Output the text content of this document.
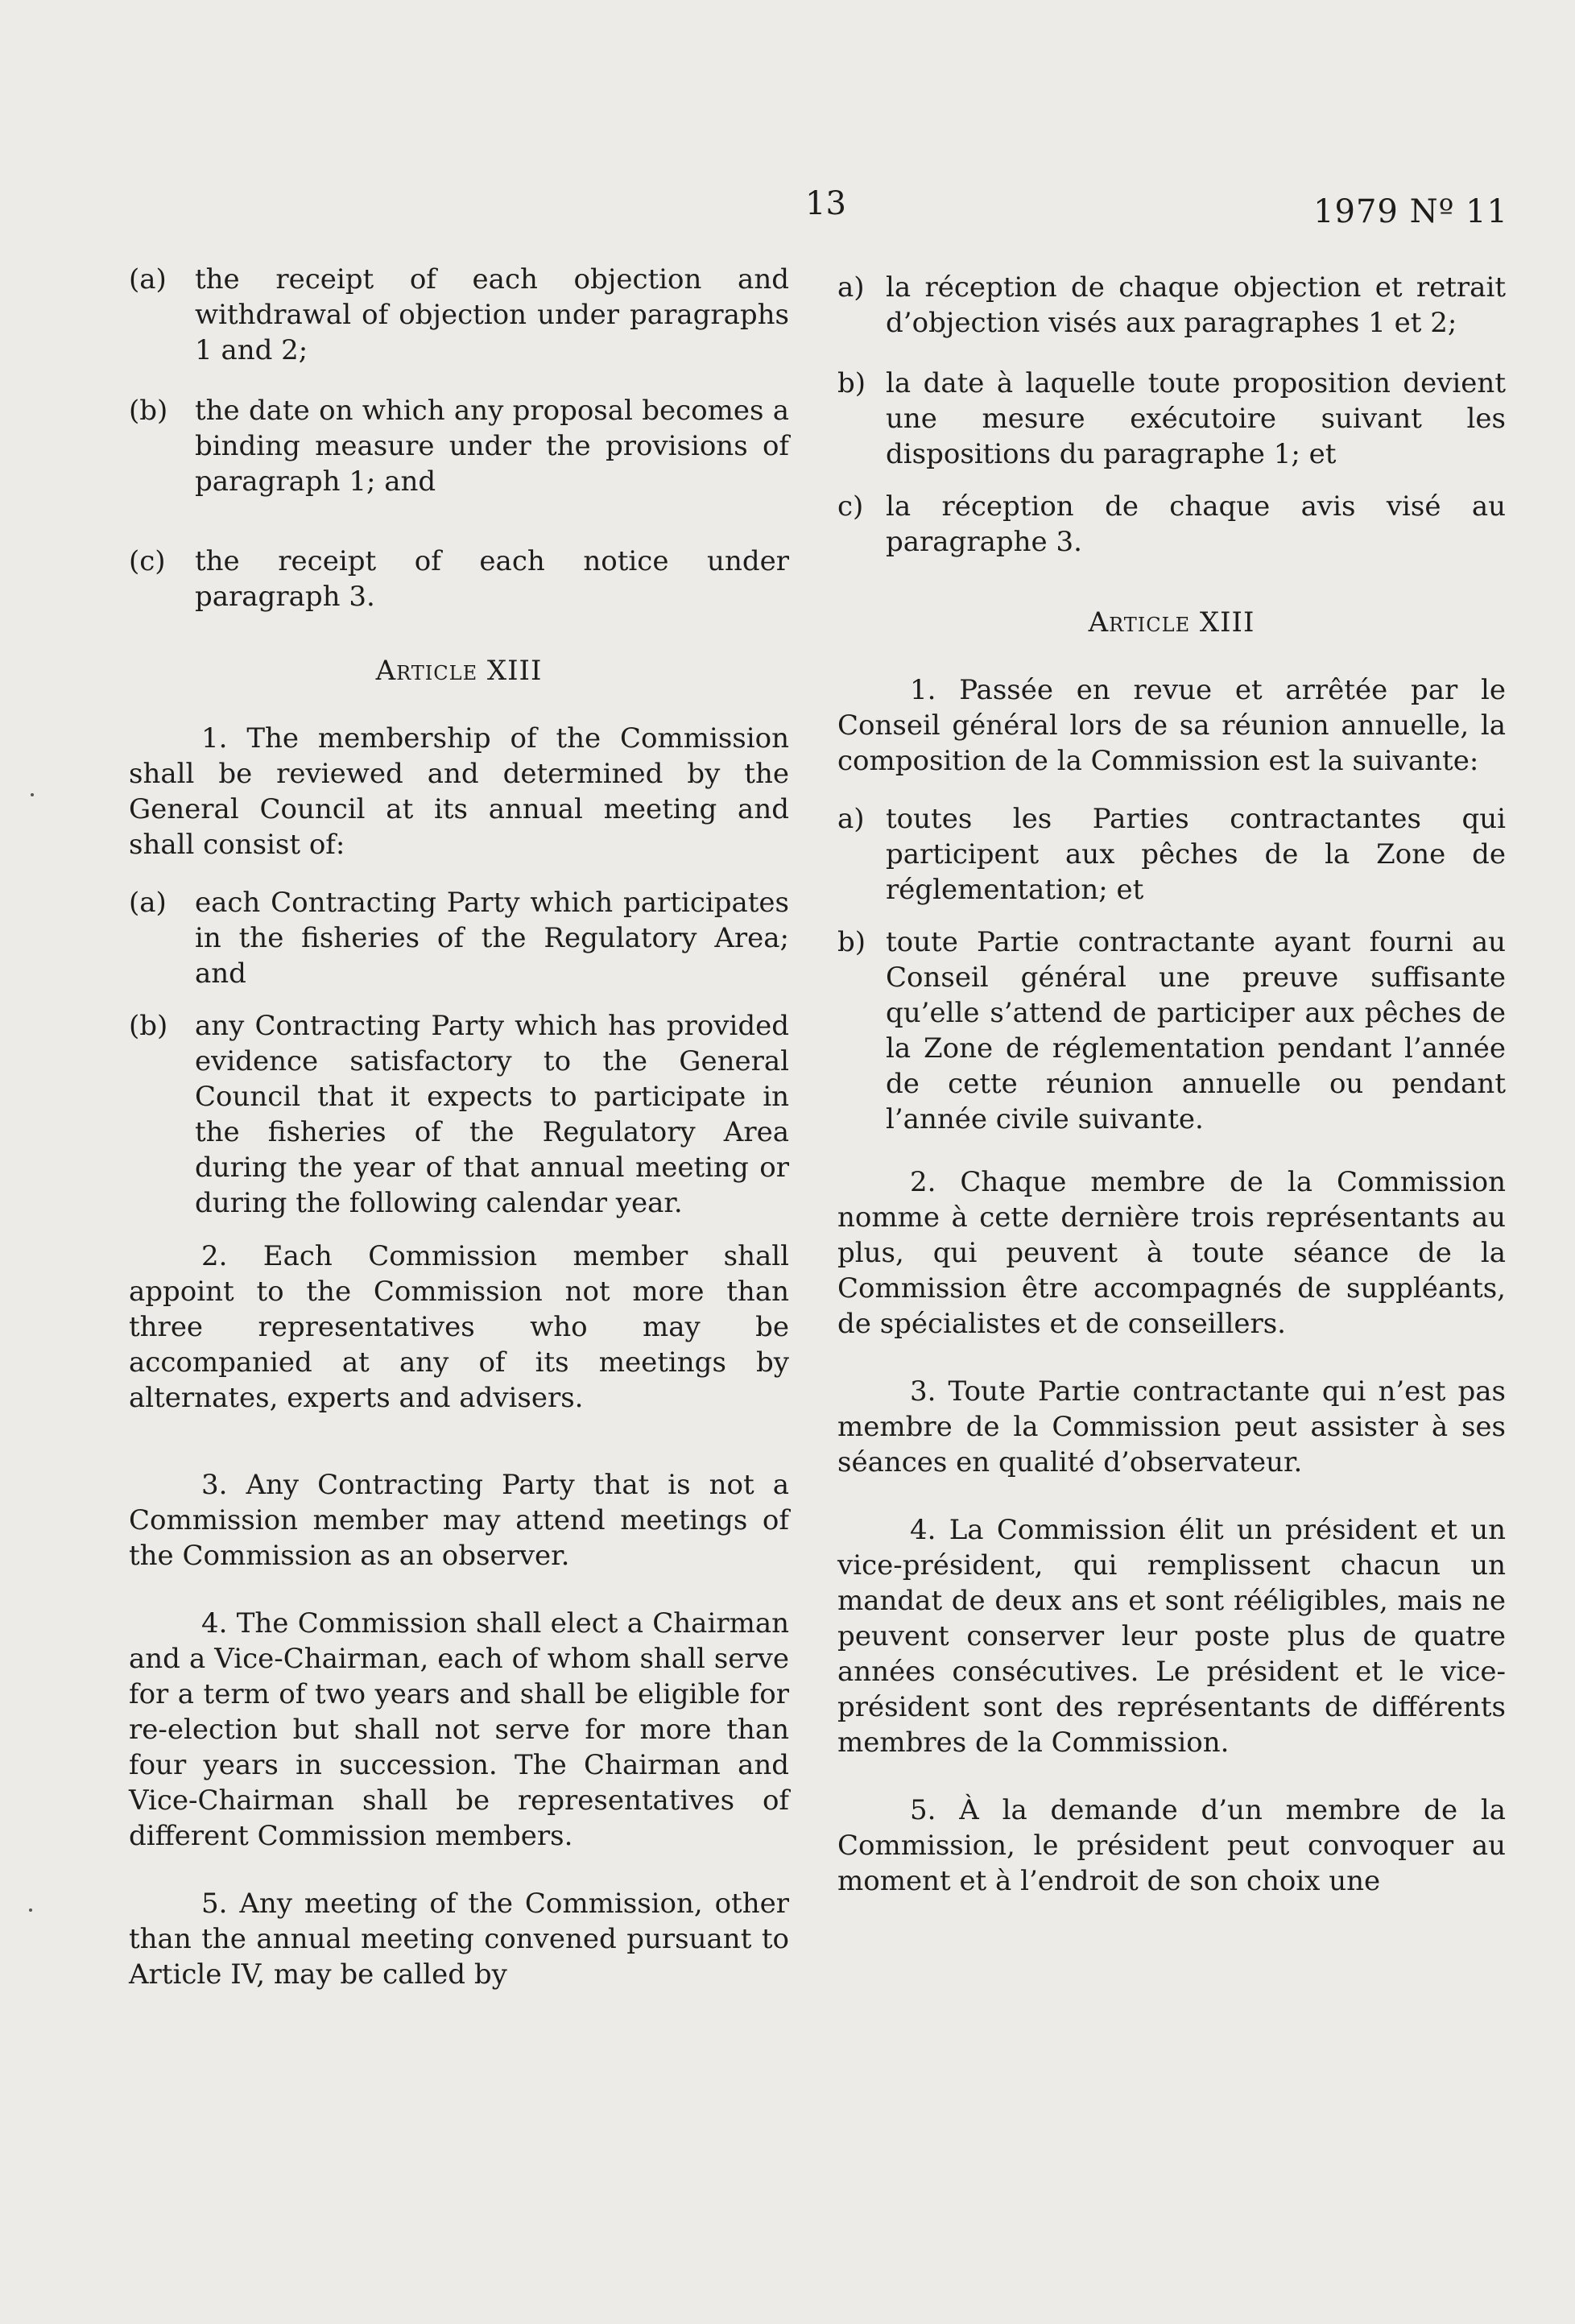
13	1979 Nº 11
(a)	the receipt of each objection and withdrawal of objection under paragraphs 1 and 2;
(b) the date on which any proposal becomes a binding measure under the provisions of paragraph 1; and
(c)	the receipt of each notice under paragraph 3.
Article XIII
1. The membership of the Commission shall be reviewed and determined by the General Council at its annual meeting and shall consist of:
(a)	each Contracting Party which participates in the fisheries of the Regulatory Area; and
(b) any Contracting Party which has provided evidence satisfactory to the General Council that it expects to participate in the fisheries of the Regulatory Area during the year of that annual meeting or during the following calendar year.
2. Each Commission member shall appoint to the Commission not more than three representatives who may be accompanied at any of its meetings by alternates, experts and advisers.
3. Any Contracting Party that is not a Commission member may attend meetings of the Commission as an observer.
4. The Commission shall elect a Chairman and a Vice-Chairman, each of whom shall serve for a term of two years and shall be eligible for re-election but shall not serve for more than four years in succession. The Chairman and Vice-Chairman shall be representatives of different Commission members.
5. Any meeting of the Commission, other than the annual meeting convened pursuant to Article IV, may be called by
a) la réception de chaque objection et retrait d’objection visés aux paragraphes 1 et 2;
b) la date à laquelle toute proposition devient une mesure exécutoire suivant les dispositions du paragraphe 1; et
c) la réception de chaque avis visé au paragraphe 3.
Article XIII
1. Passée en revue et arrêtée par le Conseil général lors de sa réunion annuelle, la composition de la Commission est la suivante:
a) toutes les Parties contractantes qui participent aux pêches de la Zone de réglementation; et
b) toute Partie contractante ayant fourni au Conseil général une preuve suffisante qu’elle s’attend de participer aux pêches de la Zone de réglementation pendant l’année de cette réunion annuelle ou pendant l’année civile suivante.
2. Chaque membre de la Commission nomme à cette dernière trois représentants au plus, qui peuvent à toute séance de la Commission être accompagnés de suppléants, de spécialistes et de conseillers.
3. Toute Partie contractante qui n’est pas membre de la Commission peut assister à ses séances en qualité d’observateur.
4. La Commission élit un président et un vice-président, qui remplissent chacun un mandat de deux ans et sont rééligibles, mais ne peuvent conserver leur poste plus de quatre années consécutives. Le président et le vice-président sont des représentants de différents membres de la Commission.
5. À la demande d’un membre de la Commission, le président peut convoquer au moment et à l’endroit de son choix une
